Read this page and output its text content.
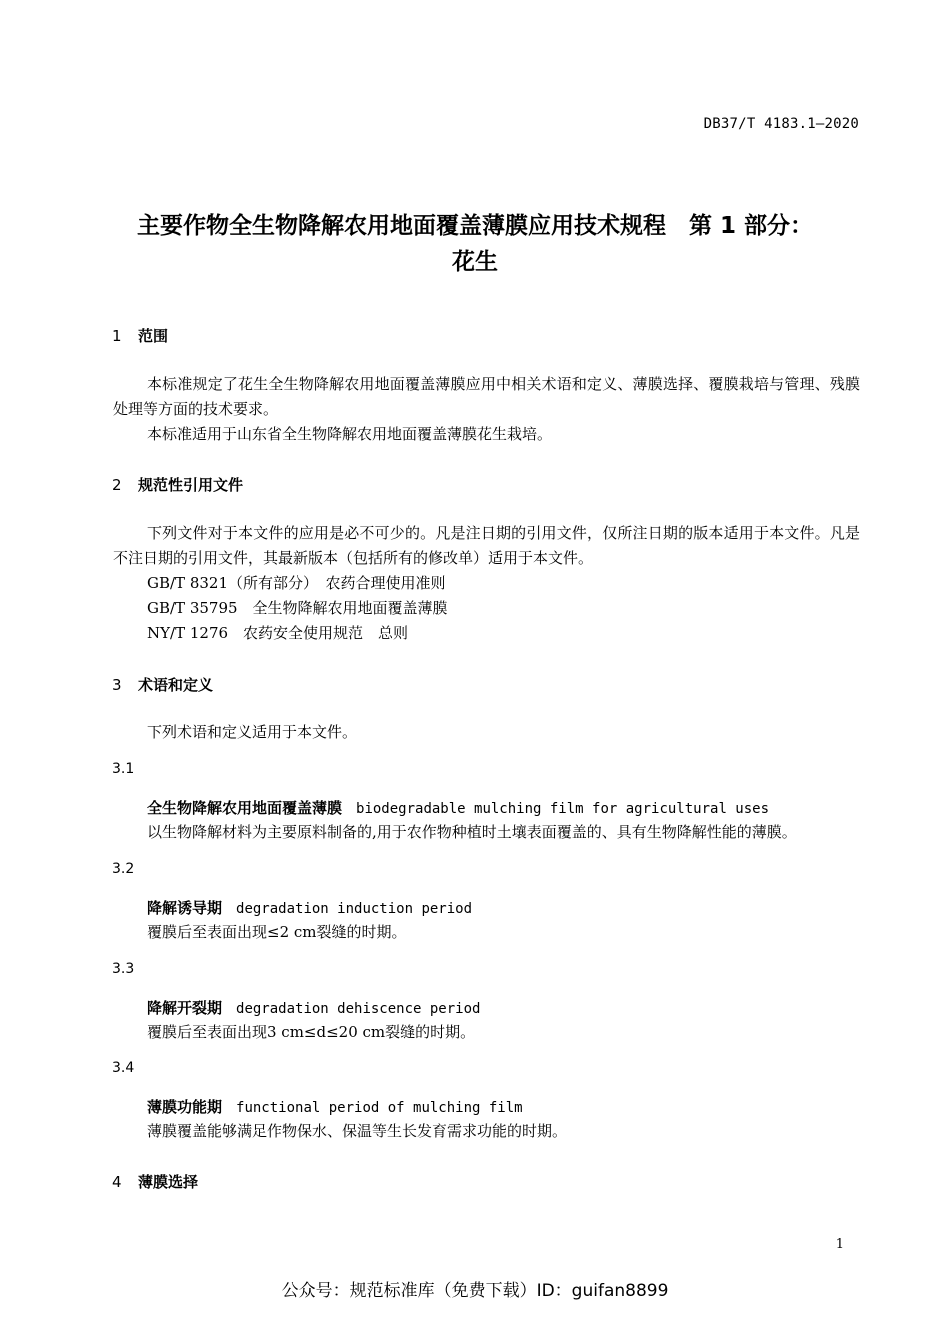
DB37/T 4183.1—2020
主要作物全生物降解农用地面覆盖薄膜应用技术规程　第 1 部分：
花生
1 范围
本标准规定了花生全生物降解农用地面覆盖薄膜应用中相关术语和定义、薄膜选择、覆膜栽培与管理、残膜处理等方面的技术要求。
本标准适用于山东省全生物降解农用地面覆盖薄膜花生栽培。
2 规范性引用文件
下列文件对于本文件的应用是必不可少的。凡是注日期的引用文件，仅所注日期的版本适用于本文件。凡是不注日期的引用文件，其最新版本（包括所有的修改单）适用于本文件。
GB/T 8321（所有部分）　农药合理使用准则
GB/T 35795　全生物降解农用地面覆盖薄膜
NY/T 1276　农药安全使用规范　总则
3 术语和定义
下列术语和定义适用于本文件。
3.1
全生物降解农用地面覆盖薄膜 biodegradable mulching film for agricultural uses
以生物降解材料为主要原料制备的,用于农作物种植时土壤表面覆盖的、具有生物降解性能的薄膜。
3.2
降解诱导期 degradation induction period
覆膜后至表面出现≤2 cm裂缝的时期。
3.3
降解开裂期 degradation dehiscence period
覆膜后至表面出现3 cm≤d≤20 cm裂缝的时期。
3.4
薄膜功能期 functional period of mulching film
薄膜覆盖能够满足作物保水、保温等生长发育需求功能的时期。
4 薄膜选择
1
公众号：规范标准库（免费下载）ID：guifan8899
